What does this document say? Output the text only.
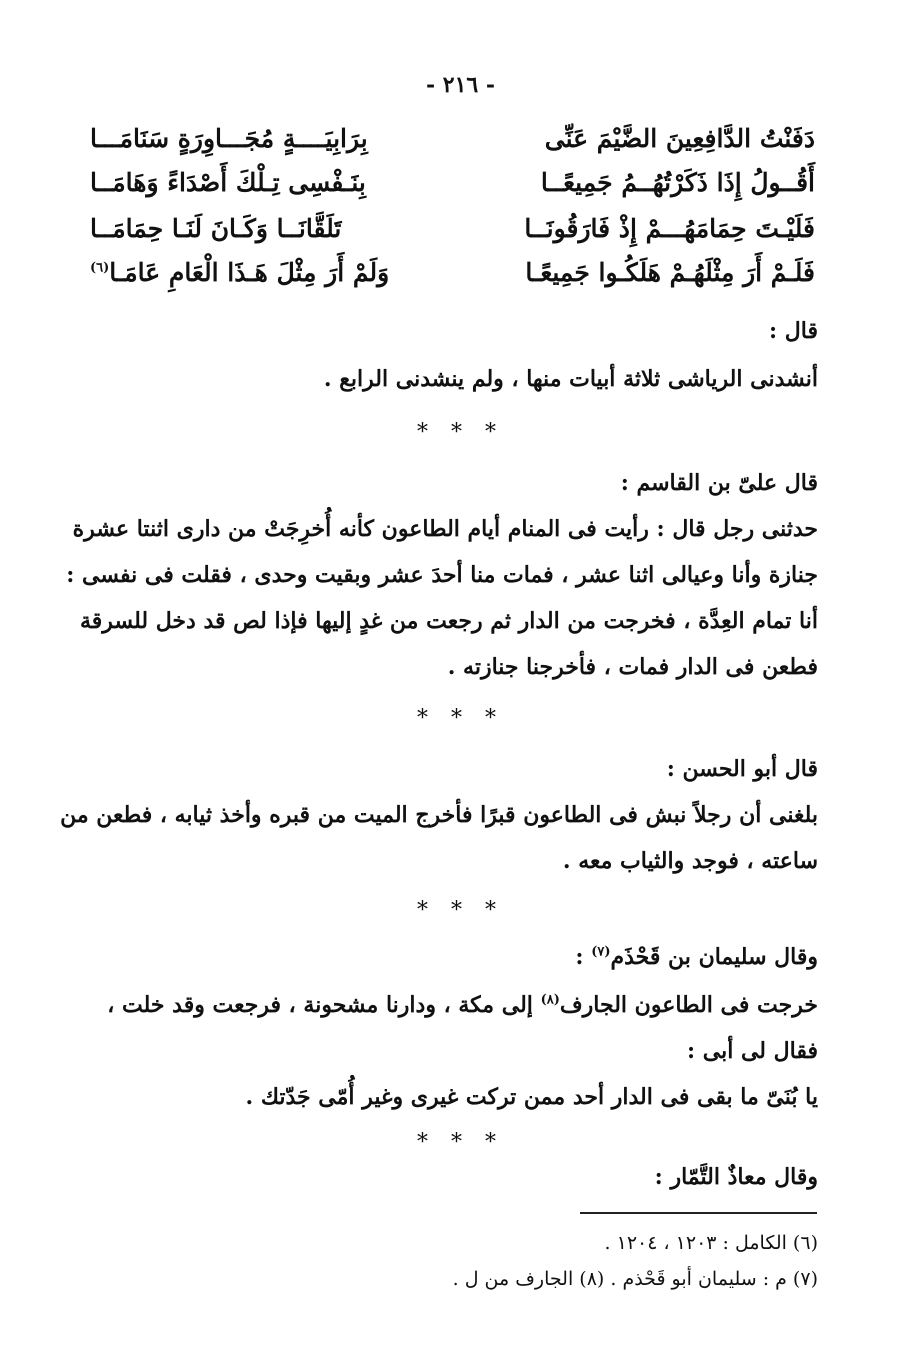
- ٢١٦ -
دَفَنْتُ الدَّافِعِينَ الضَّيْمَ عَنِّى
بِرَابِيَــــةٍ مُجَـــاوِرَةٍ سَنَامَـــا
أَقُــولُ إِذَا ذَكَرْتُهُــمُ جَمِيعًــا
بِنَـفْسِى تِـلْكَ أَصْدَاءً وَهَامَــا
فَلَيْـتَ حِمَامَهُـــمْ إِذْ فَارَقُونَــا
تَلَقَّانَــا وَكَـانَ لَنَـا حِمَامَــا
فَلَـمْ أَرَ مِثْلَهُـمْ هَلَكُـوا جَمِيعًـا
وَلَمْ أَرَ مِثْلَ هَـذَا الْعَامِ عَامَـا$^{(٦)}$
قال :
أنشدنى الرياشى ثلاثة أبيات منها ، ولم ينشدنى الرابع .
* * *
قال علىّ بن القاسم :
حدثنى رجل قال : رأيت فى المنام أيام الطاعون كأنه أُخرِجَتْ من دارى اثنتا عشرة
جنازة وأنا وعيالى اثنا عشر ، فمات منا أحدَ عشر وبقيت وحدى ، فقلت فى نفسى :
أنا تمام العِدَّة ، فخرجت من الدار ثم رجعت من غدٍ إليها فإذا لص قد دخل للسرقة
فطعن فى الدار فمات ، فأخرجنا جنازته .
* * *
قال أبو الحسن :
بلغنى أن رجلاً نبش فى الطاعون قبرًا فأخرج الميت من قبره وأخذ ثيابه ، فطعن من
ساعته ، فوجد والثياب معه .
* * *
وقال سليمان بن قَحْذَم$^{(٧)}$ :
خرجت فى الطاعون الجارف$^{(٨)}$ إلى مكة ، ودارنا مشحونة ، فرجعت وقد خلت ،
فقال لى أبى :
يا بُنَىّ ما بقى فى الدار أحد ممن تركت غيرى وغير أُمّى جَدّتك .
* * *
وقال معاذٌ التَّمّار :
(٦) الكامل : ١٢٠٣ ، ١٢٠٤ .
(٧) م : سليمان أبو قَحْذم . (٨) الجارف من ل .
